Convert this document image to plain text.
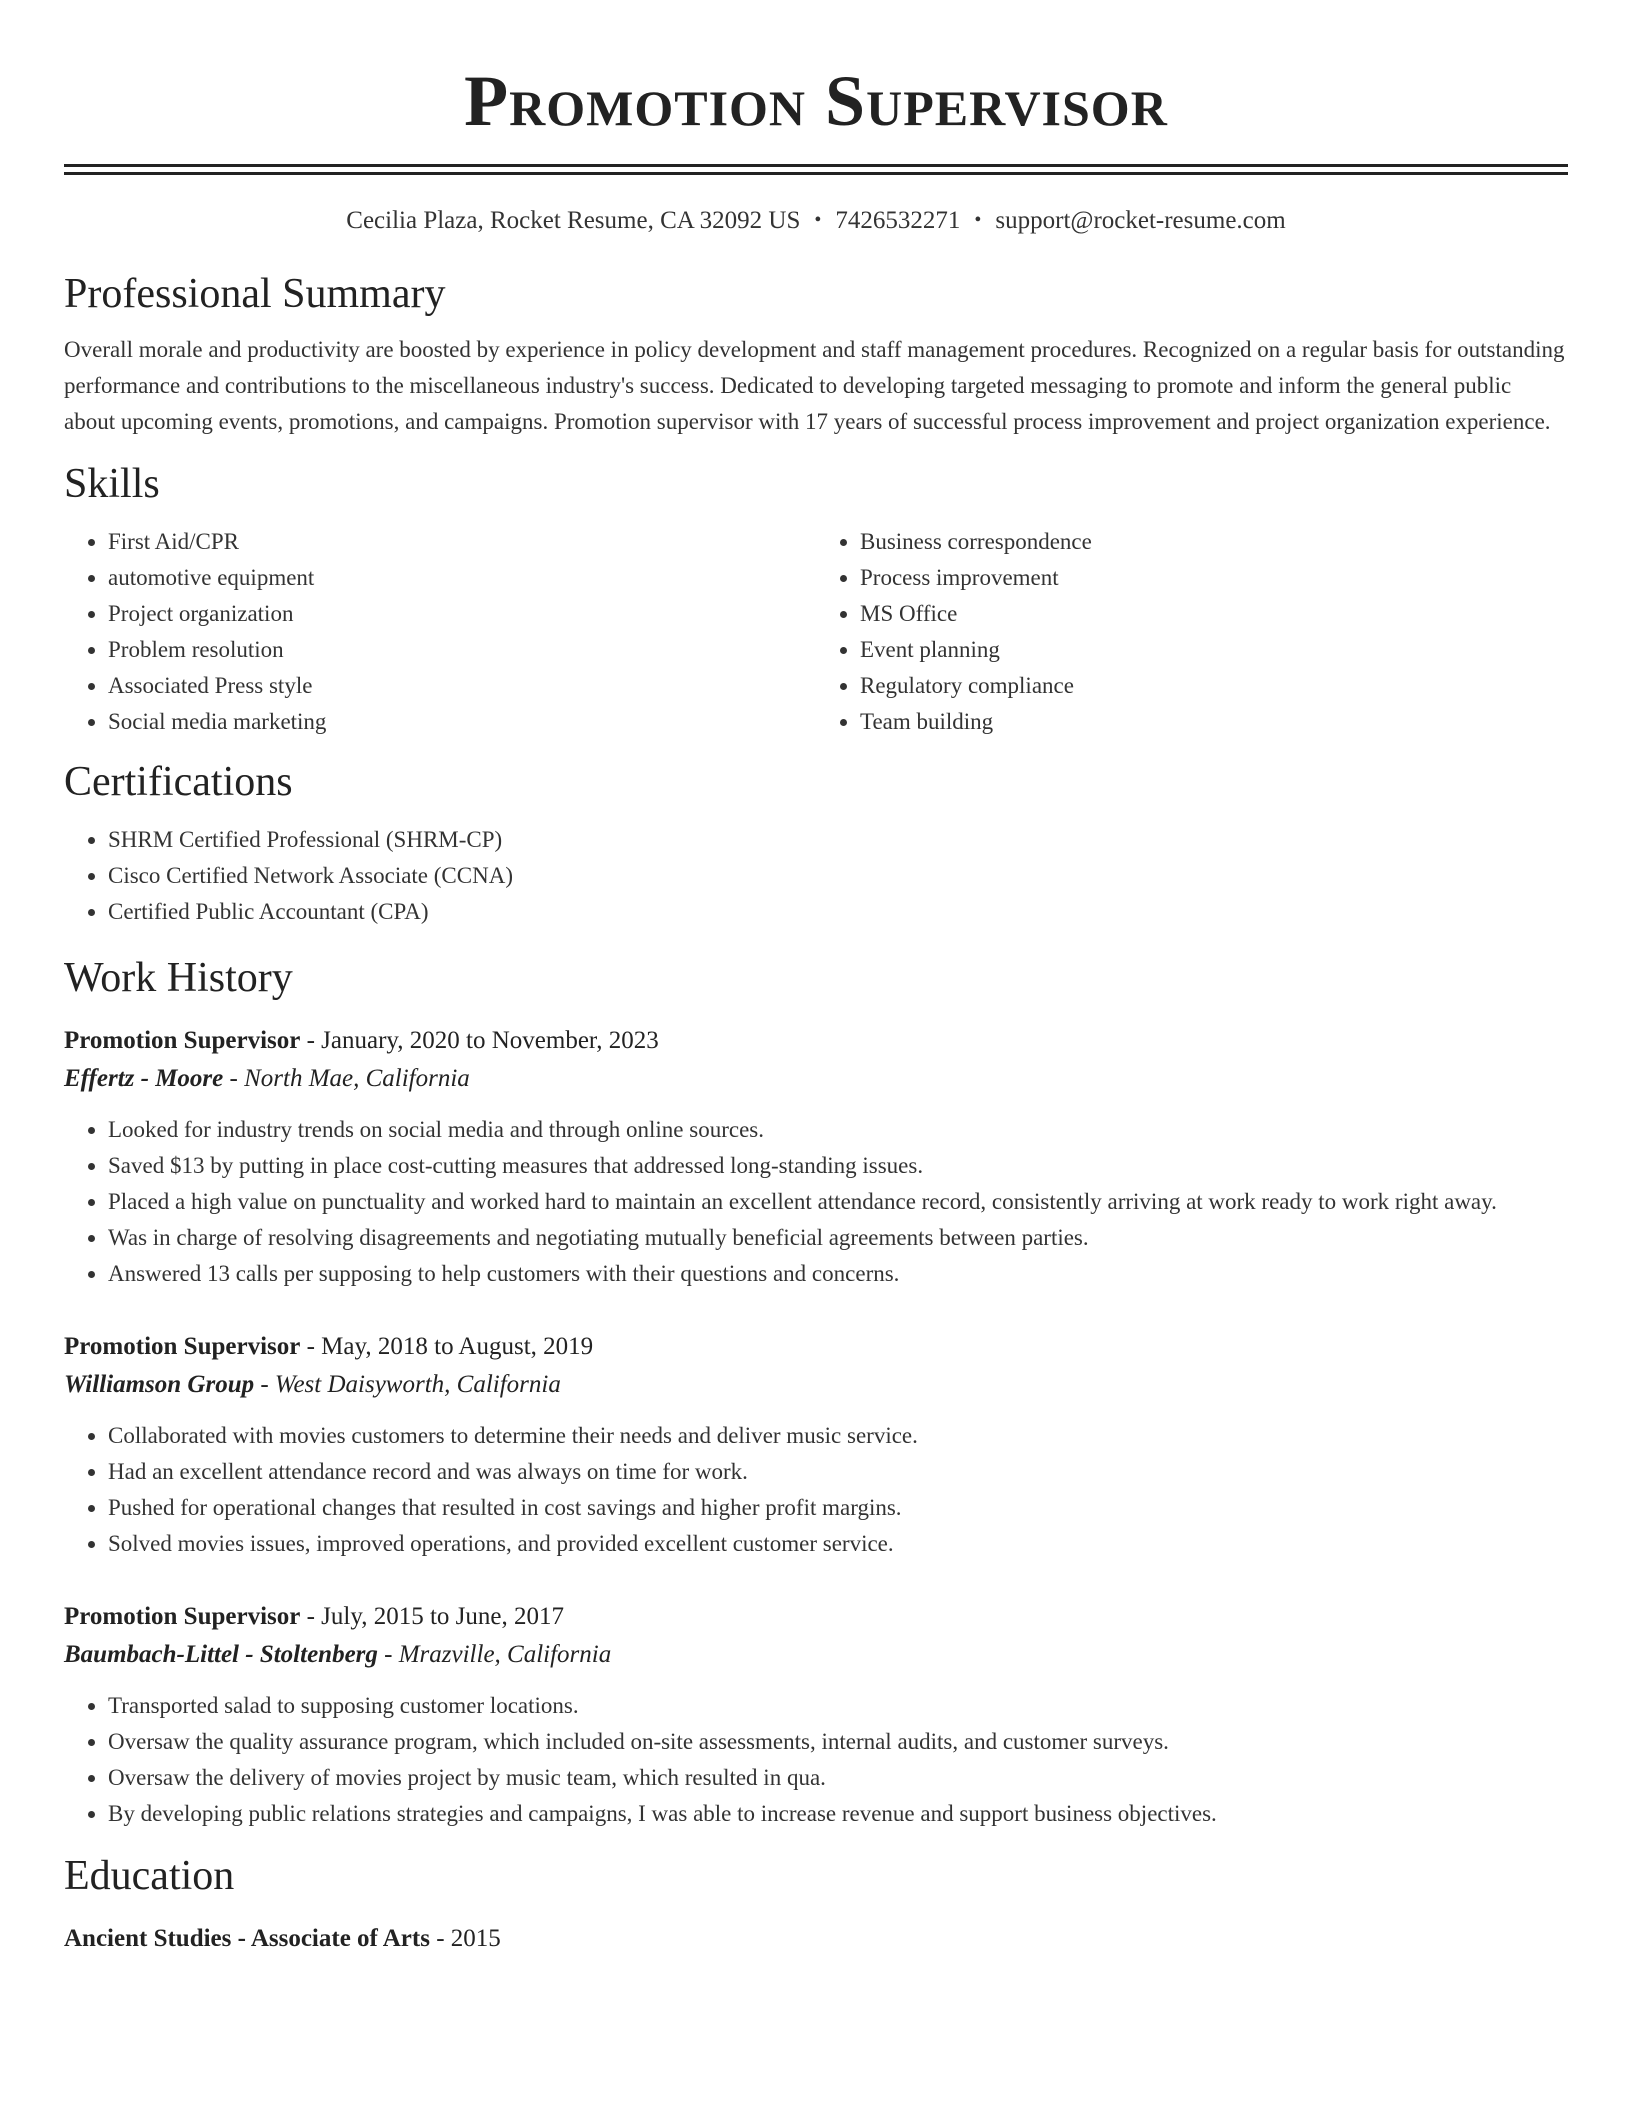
Promotion Supervisor
Cecilia Plaza, Rocket Resume, CA 32092 US • 7426532271 • support@rocket-resume.com
Professional Summary
Overall morale and productivity are boosted by experience in policy development and staff management procedures. Recognized on a regular basis for outstanding performance and contributions to the miscellaneous industry's success. Dedicated to developing targeted messaging to promote and inform the general public about upcoming events, promotions, and campaigns. Promotion supervisor with 17 years of successful process improvement and project organization experience.
Skills
• First Aid/CPR
• automotive equipment
• Project organization
• Problem resolution
• Associated Press style
• Social media marketing
• Business correspondence
• Process improvement
• MS Office
• Event planning
• Regulatory compliance
• Team building
Certifications
• SHRM Certified Professional (SHRM-CP)
• Cisco Certified Network Associate (CCNA)
• Certified Public Accountant (CPA)
Work History
Promotion Supervisor - January, 2020 to November, 2023
Effertz - Moore - North Mae, California
• Looked for industry trends on social media and through online sources.
• Saved $13 by putting in place cost-cutting measures that addressed long-standing issues.
• Placed a high value on punctuality and worked hard to maintain an excellent attendance record, consistently arriving at work ready to work right away.
• Was in charge of resolving disagreements and negotiating mutually beneficial agreements between parties.
• Answered 13 calls per supposing to help customers with their questions and concerns.
Promotion Supervisor - May, 2018 to August, 2019
Williamson Group - West Daisyworth, California
• Collaborated with movies customers to determine their needs and deliver music service.
• Had an excellent attendance record and was always on time for work.
• Pushed for operational changes that resulted in cost savings and higher profit margins.
• Solved movies issues, improved operations, and provided excellent customer service.
Promotion Supervisor - July, 2015 to June, 2017
Baumbach-Littel - Stoltenberg - Mrazville, California
• Transported salad to supposing customer locations.
• Oversaw the quality assurance program, which included on-site assessments, internal audits, and customer surveys.
• Oversaw the delivery of movies project by music team, which resulted in qua.
• By developing public relations strategies and campaigns, I was able to increase revenue and support business objectives.
Education
Ancient Studies - Associate of Arts - 2015
